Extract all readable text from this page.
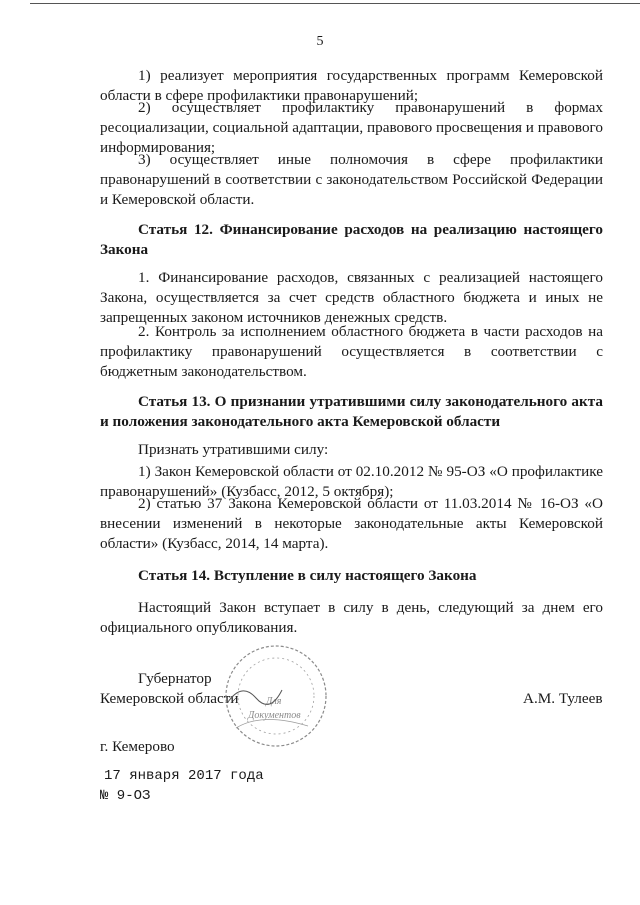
5

1) реализует мероприятия государственных программ Кемеровской области в сфере профилактики правонарушений;

2) осуществляет профилактику правонарушений в формах ресоциализации, социальной адаптации, правового просвещения и правового информирования;

3) осуществляет иные полномочия в сфере профилактики правонарушений в соответствии с законодательством Российской Федерации и Кемеровской области.

Статья 12. Финансирование расходов на реализацию настоящего Закона

1. Финансирование расходов, связанных с реализацией настоящего Закона, осуществляется за счет средств областного бюджета и иных не запрещенных законом источников денежных средств.

2. Контроль за исполнением областного бюджета в части расходов на профилактику правонарушений осуществляется в соответствии с бюджетным законодательством.

Статья 13. О признании утратившими силу законодательного акта и положения законодательного акта Кемеровской области

Признать утратившими силу:

1) Закон Кемеровской области от 02.10.2012 № 95-ОЗ «О профилактике правонарушений» (Кузбасс, 2012, 5 октября);

2) статью 37 Закона Кемеровской области от 11.03.2014 № 16-ОЗ «О внесении изменений в некоторые законодательные акты Кемеровской области» (Кузбасс, 2014, 14 марта).

Статья 14. Вступление в силу настоящего Закона

Настоящий Закон вступает в силу в день, следующий за днем его официального опубликования.

Губернатор
Кемеровской области	А.М. Тулеев
г. Кемерово
17 января 2017 года
№ 9-ОЗ
Для
Документов
